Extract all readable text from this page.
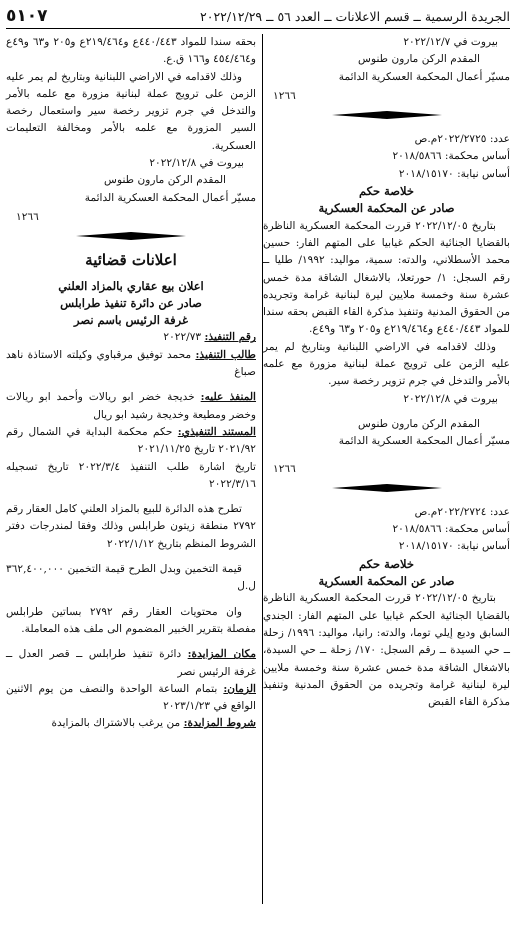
الجريدة الرسمية ــ قسم الاعلانات ــ العدد ٥٦ ــ ٢٠٢٢/١٢/٢٩
٥١٠٧

بيروت في ٢٠٢٢/١٢/٧

المقدم الركن مارون طنوس

مسيّر أعمال المحكمة العسكرية الدائمة

١٢٦٦

عدد: ٢٠٢٢/٢٧٢٥م.ص

أساس محكمة: ٢٠١٨/٥٨٦٦

أساس نيابة: ٢٠١٨/١٥١٧٠

خلاصة حكم

صادر عن المحكمة العسكرية

بتاريخ ٢٠٢٢/١٢/٠٥ قررت المحكمة العسكرية الناظرة بالقضايا الجنائية الحكم غيابيا على المتهم الفار: حسين محمد الأسطلاني، والدته: سمية، مواليد: ١٩٩٢/ طليا ــ رقم السجل: ١/ حورتعلا، بالاشغال الشاقة مدة خمس عشرة سنة وخمسة ملايين ليرة لبنانية غرامة وتجريده من الحقوق المدنية وتنفيذ مذكرة القاء القبض بحقه سندا للمواد ٤٤٠/٤٤٣ع و٢١٩/٤٦٤ع و٢٠٥ و٦٣ و٤٩ع.

وذلك لاقدامه في الاراضي اللبنانية وبتاريخ لم يمر عليه الزمن على ترويج عملة لبنانية مزورة مع علمه بالأمر والتدخل في جرم تزوير رخصة سير.

بيروت في ٢٠٢٢/١٢/٨

المقدم الركن مارون طنوس

مسيّر أعمال المحكمة العسكرية الدائمة

١٢٦٦

عدد: ٢٠٢٢/٢٧٢٤م.ص

أساس محكمة: ٢٠١٨/٥٨٦٦

أساس نيابة: ٢٠١٨/١٥١٧٠

خلاصة حكم

صادر عن المحكمة العسكرية

بتاريخ ٢٠٢٢/١٢/٠٥ قررت المحكمة العسكرية الناظرة بالقضايا الجنائية الحكم غيابيا على المتهم الفار: الجندي السابق وديع إيلي توما، والدته: رانيا، مواليد: ١٩٩٦/ زحلة ــ حي السيدة ــ رقم السجل: ١٧٠/ زحلة ــ حي السيدة، بالاشغال الشاقة مدة خمس عشرة سنة وخمسة ملايين ليرة لبنانية غرامة وتجريده من الحقوق المدنية وتنفيذ مذكرة القاء القبض

بحقه سندا للمواد ٤٤٠/٤٤٣ع و٢١٩/٤٦٤ع و٢٠٥ و٦٣ و٤٩ع و٤٥٤/٤٦٤ و١٦٦ ق.ع.

وذلك لاقدامه في الاراضي اللبنانية وبتاريخ لم يمر عليه الزمن على ترويج عملة لبنانية مزورة مع علمه بالأمر والتدخل في جرم تزوير رخصة سير واستعمال رخصة السير المزورة مع علمه بالأمر ومخالفة التعليمات العسكرية.

بيروت في ٢٠٢٢/١٢/٨

المقدم الركن مارون طنوس

مسيّر أعمال المحكمة العسكرية الدائمة

١٢٦٦

اعلانات قضائية

اعلان بيع عقاري بالمزاد العلني

صادر عن دائرة تنفيذ طرابلس

غرفة الرئيس باسم نصر

رقم التنفيذ: ٢٠٢٢/٧٣

طالب التنفيذ: محمد توفيق مرقباوي وكيلته الاستاذة ناهد صباغ

المنفذ عليه: خديجة خضر ابو ريالات وأحمد ابو ريالات وخضر ومطيعة وخديجة رشيد ابو ريال

المستند التنفيذي: حكم محكمة البداية في الشمال رقم ٢٠٢١/٩٢ تاريخ ٢٠٢١/١١/٢٥

تاريخ اشارة طلب التنفيذ ٢٠٢٢/٣/٤ تاريخ تسجيله ٢٠٢٢/٣/١٦

تطرح هذه الدائرة للبيع بالمزاد العلني كامل العقار رقم ٢٧٩٢ منطقة زيتون طرابلس وذلك وفقا لمندرجات دفتر الشروط المنظم بتاريخ ٢٠٢٢/١/١٢

قيمة التخمين وبدل الطرح قيمة التخمين ٣٦٢,٤٠٠,٠٠٠ ل.ل

وان محتويات العقار رقم ٢٧٩٢ بساتين طرابلس مفصلة بتقرير الخبير المضموم الى ملف هذه المعاملة.

مكان المزايدة: دائرة تنفيذ طرابلس ــ قصر العدل ــ غرفة الرئيس نصر

الزمان: بتمام الساعة الواحدة والنصف من يوم الاثنين الواقع في ٢٠٢٣/١/٢٣

شروط المزايدة: من يرغب بالاشتراك بالمزايدة
